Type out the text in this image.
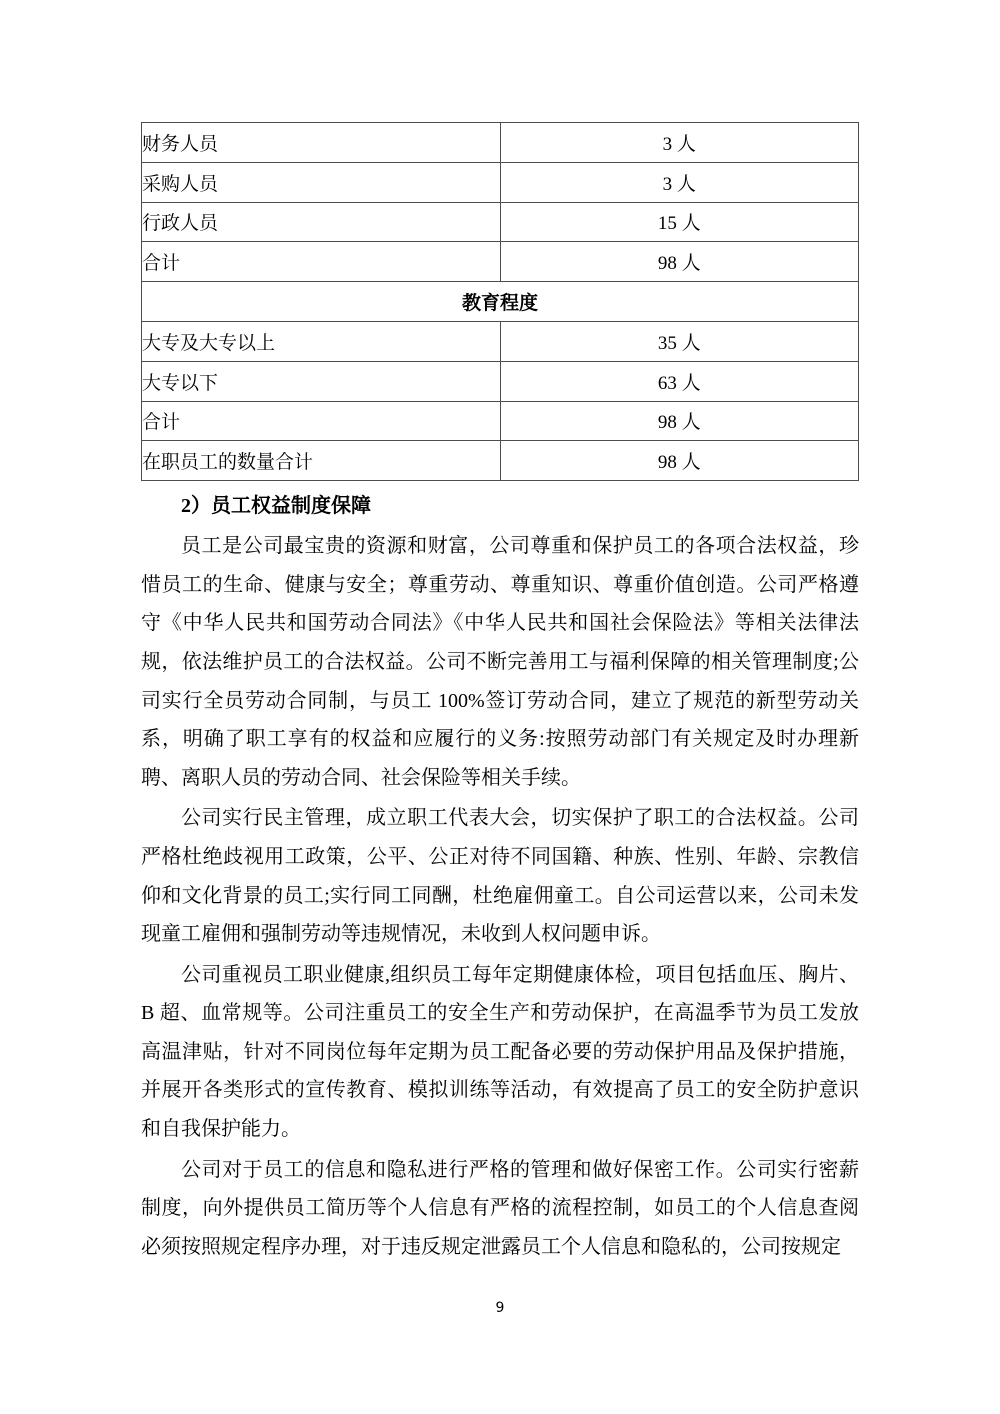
财务人员	3 人
采购人员	3 人
行政人员	15 人
合计	98 人
教育程度	
大专及大专以上	35 人
大专以下	63 人
合计	98 人
在职员工的数量合计	98 人
2）员工权益制度保障

员工是公司最宝贵的资源和财富，公司尊重和保护员工的各项合法权益，珍惜员工的生命、健康与安全；尊重劳动、尊重知识、尊重价值创造。公司严格遵守《中华人民共和国劳动合同法》《中华人民共和国社会保险法》等相关法律法规，依法维护员工的合法权益。公司不断完善用工与福利保障的相关管理制度;公司实行全员劳动合同制，与员工 100%签订劳动合同，建立了规范的新型劳动关系，明确了职工享有的权益和应履行的义务:按照劳动部门有关规定及时办理新聘、离职人员的劳动合同、社会保险等相关手续。

公司实行民主管理，成立职工代表大会，切实保护了职工的合法权益。公司严格杜绝歧视用工政策，公平、公正对待不同国籍、种族、性别、年龄、宗教信仰和文化背景的员工;实行同工同酬，杜绝雇佣童工。自公司运营以来，公司未发现童工雇佣和强制劳动等违规情况，未收到人权问题申诉。

公司重视员工职业健康,组织员工每年定期健康体检，项目包括血压、胸片、B 超、血常规等。公司注重员工的安全生产和劳动保护，在高温季节为员工发放高温津贴，针对不同岗位每年定期为员工配备必要的劳动保护用品及保护措施，并展开各类形式的宣传教育、模拟训练等活动，有效提高了员工的安全防护意识和自我保护能力。

公司对于员工的信息和隐私进行严格的管理和做好保密工作。公司实行密薪制度，向外提供员工简历等个人信息有严格的流程控制，如员工的个人信息查阅必须按照规定程序办理，对于违反规定泄露员工个人信息和隐私的，公司按规定

9
